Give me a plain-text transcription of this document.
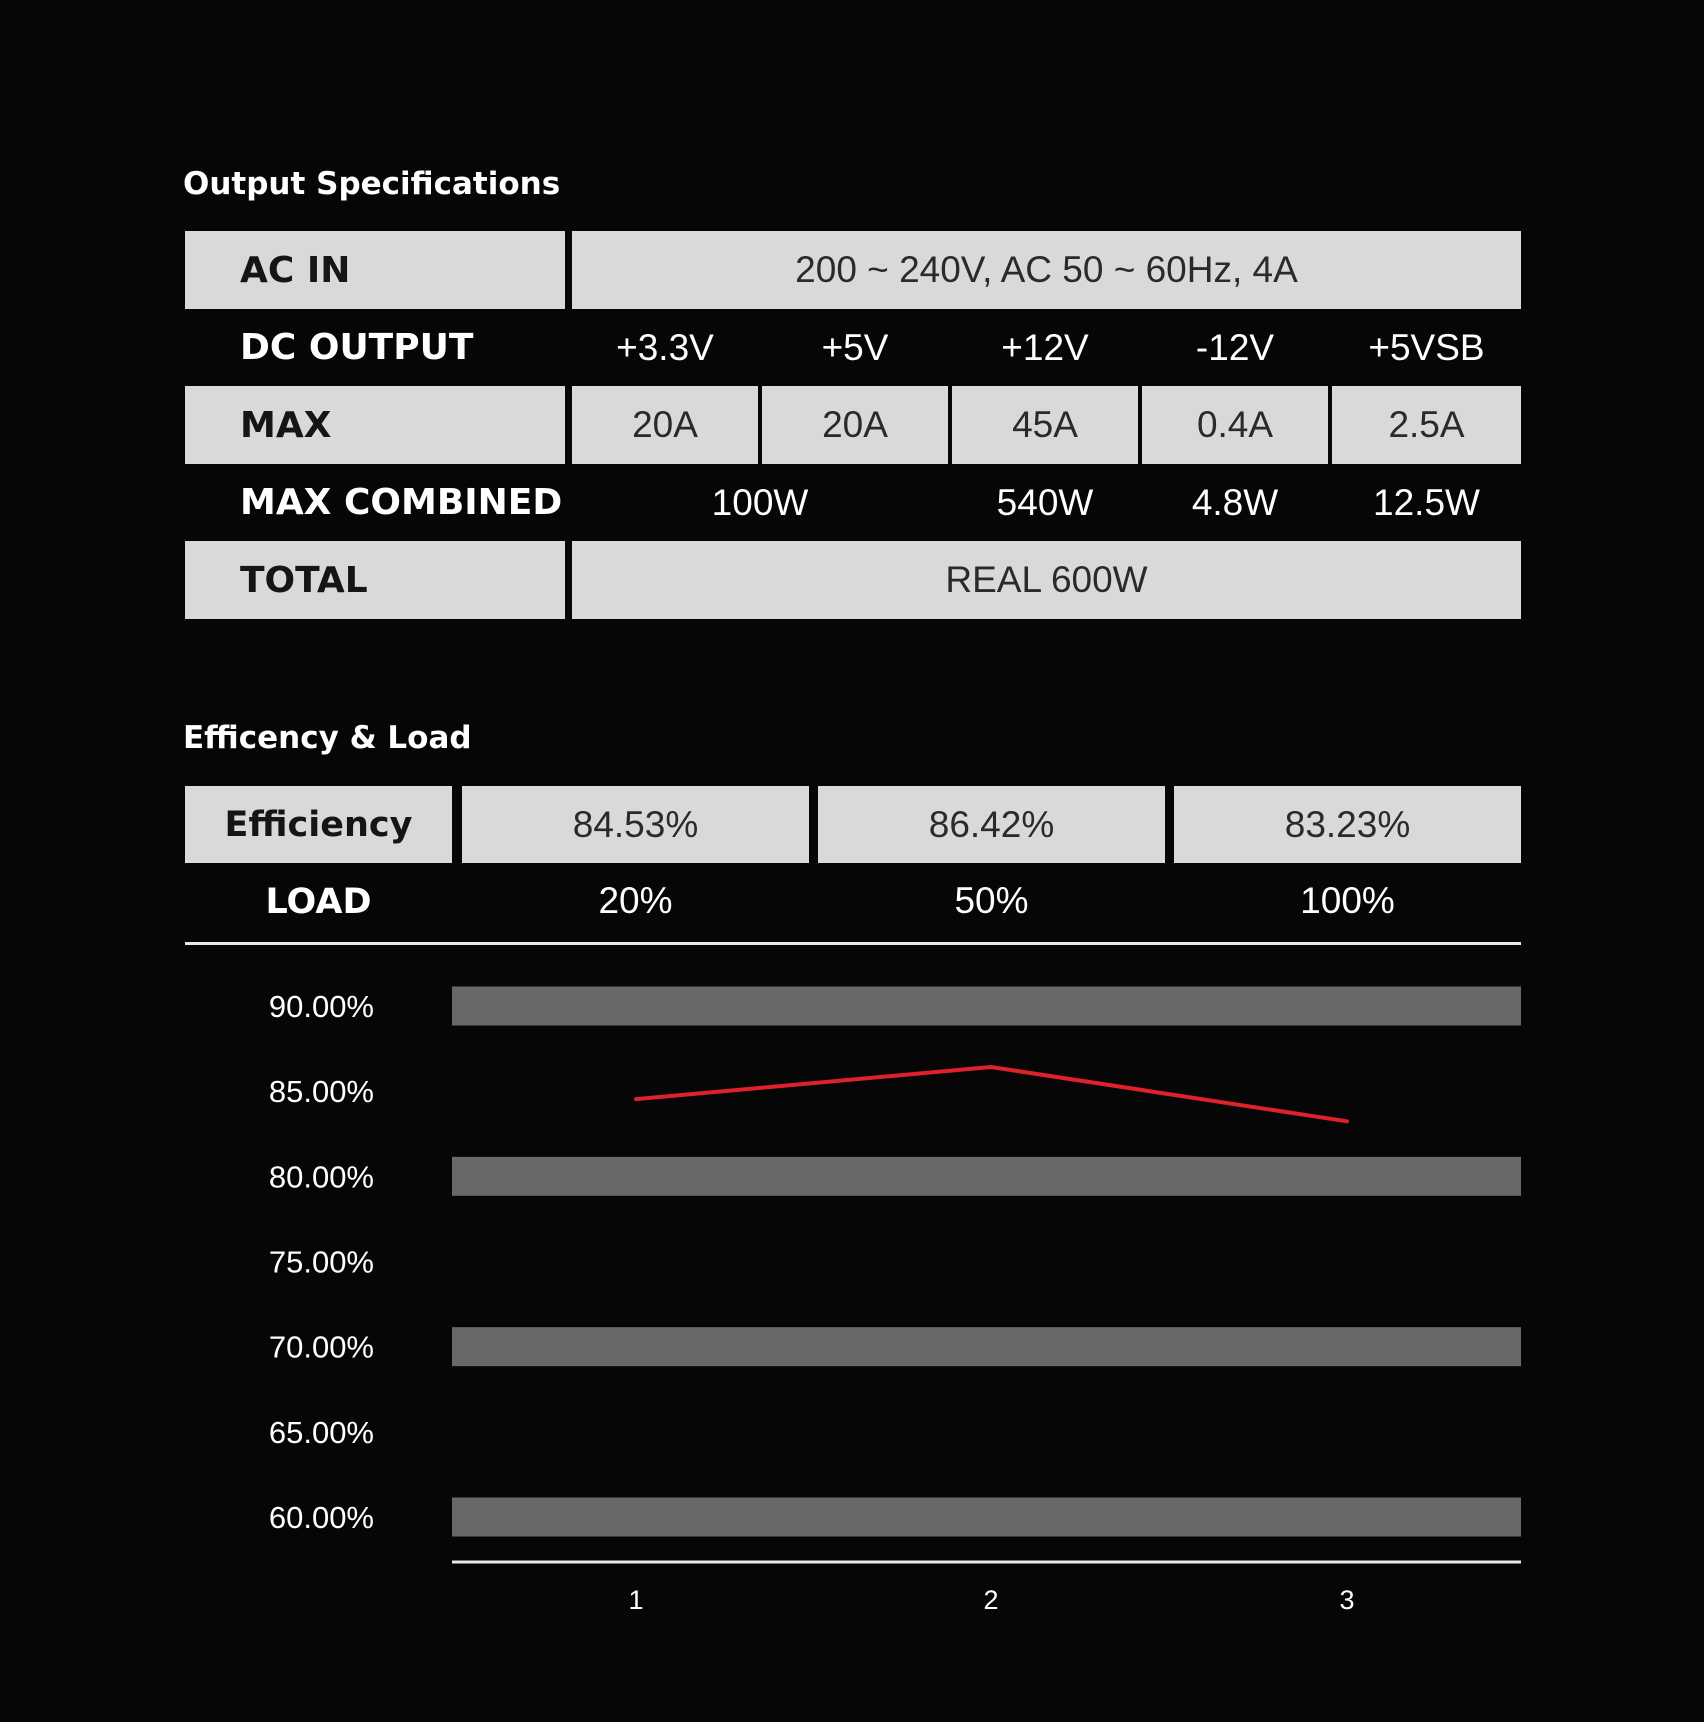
Output Specifications
AC IN	200 ~ 240V, AC 50 ~ 60Hz, 4A
DC OUTPUT	+3.3V	+5V	+12V	-12V	+5VSB
MAX	20A	20A	45A	0.4A	2.5A
MAX COMBINED	100W	540W	4.8W	12.5W
TOTAL	REAL 600W
Efficency & Load
Efficiency	84.53%	86.42%	83.23%
LOAD	20%	50%	100%
90.00%
85.00%
80.00%
75.00%
70.00%
65.00%
60.00%
1	2	3
